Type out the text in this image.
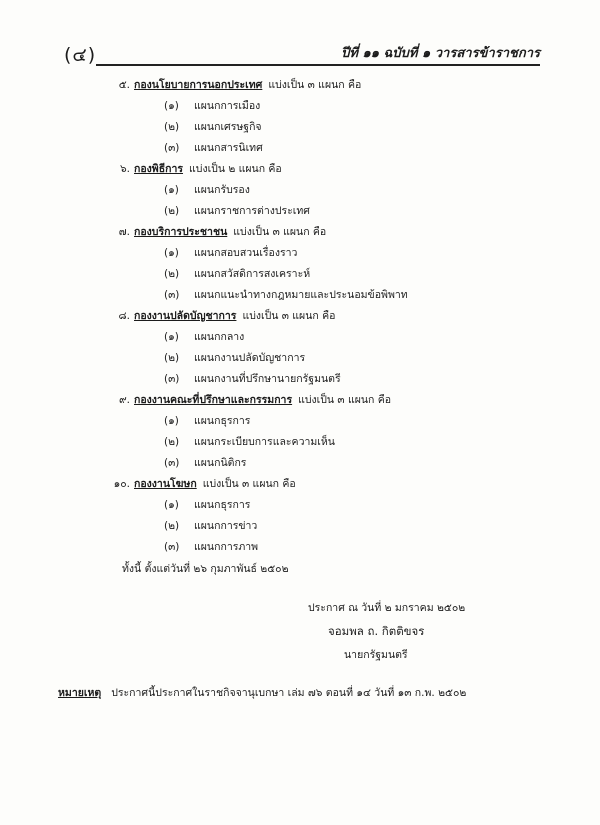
(๔)	ปีที่ ๑๑ ฉบับที่ ๑ วารสารข้าราชการ
๕. กองนโยบายการนอกประเทศ แบ่งเป็น ๓ แผนก คือ
(๑) แผนกการเมือง
(๒) แผนกเศรษฐกิจ
(๓) แผนกสารนิเทศ
๖. กองพิธีการ แบ่งเป็น ๒ แผนก คือ
(๑) แผนกรับรอง
(๒) แผนกราชการต่างประเทศ
๗. กองบริการประชาชน แบ่งเป็น ๓ แผนก คือ
(๑) แผนกสอบสวนเรื่องราว
(๒) แผนกสวัสดิการสงเคราะห์
(๓) แผนกแนะนำทางกฎหมายและประนอมข้อพิพาท
๘. กองงานปลัดบัญชาการ แบ่งเป็น ๓ แผนก คือ
(๑) แผนกกลาง
(๒) แผนกงานปลัดบัญชาการ
(๓) แผนกงานที่ปรึกษานายกรัฐมนตรี
๙. กองงานคณะที่ปรึกษาและกรรมการ แบ่งเป็น ๓ แผนก คือ
(๑) แผนกธุรการ
(๒) แผนกระเบียบการและความเห็น
(๓) แผนกนิติกร
๑๐. กองงานโฆษก แบ่งเป็น ๓ แผนก คือ
(๑) แผนกธุรการ
(๒) แผนกการข่าว
(๓) แผนกการภาพ
ทั้งนี้ ตั้งแต่วันที่ ๒๖ กุมภาพันธ์ ๒๕๐๒
ประกาศ ณ วันที่ ๒ มกราคม ๒๕๐๒
จอมพล ถ. กิตติขจร
นายกรัฐมนตรี
หมายเหตุ ประกาศนี้ประกาศในราชกิจจานุเบกษา เล่ม ๗๖ ตอนที่ ๑๔ วันที่ ๑๓ ก.พ. ๒๕๐๒
